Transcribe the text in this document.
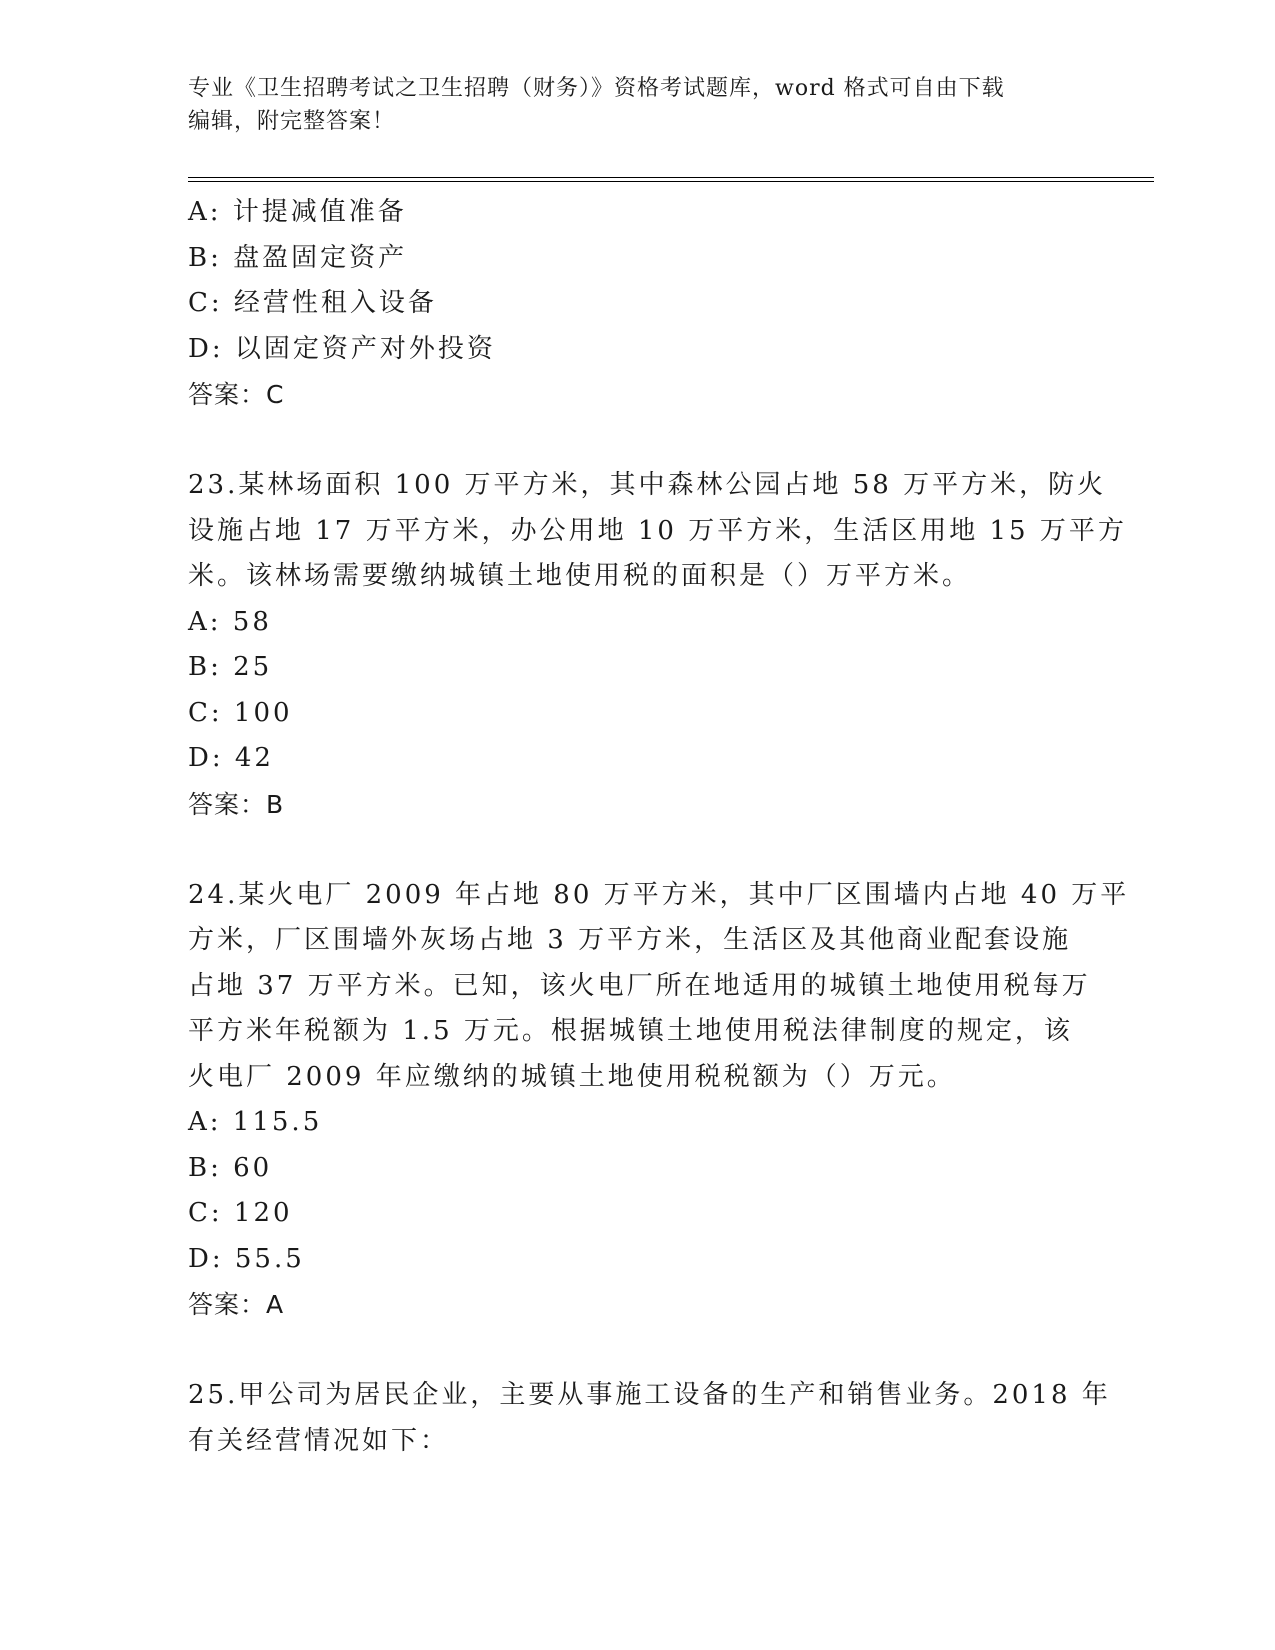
专业《卫生招聘考试之卫生招聘（财务）》资格考试题库，word 格式可自由下载
编辑，附完整答案！
A: 计提减值准备
B: 盘盈固定资产
C: 经营性租入设备
D: 以固定资产对外投资
答案：C
23.某林场面积 100 万平方米，其中森林公园占地 58 万平方米，防火
设施占地 17 万平方米，办公用地 10 万平方米，生活区用地 15 万平方
米。该林场需要缴纳城镇土地使用税的面积是（）万平方米。
A: 58
B: 25
C: 100
D: 42
答案：B
24.某火电厂 2009 年占地 80 万平方米，其中厂区围墙内占地 40 万平
方米，厂区围墙外灰场占地 3 万平方米，生活区及其他商业配套设施
占地 37 万平方米。已知，该火电厂所在地适用的城镇土地使用税每万
平方米年税额为 1.5 万元。根据城镇土地使用税法律制度的规定，该
火电厂 2009 年应缴纳的城镇土地使用税税额为（）万元。
A: 115.5
B: 60
C: 120
D: 55.5
答案：A
25.甲公司为居民企业，主要从事施工设备的生产和销售业务。2018 年
有关经营情况如下：
